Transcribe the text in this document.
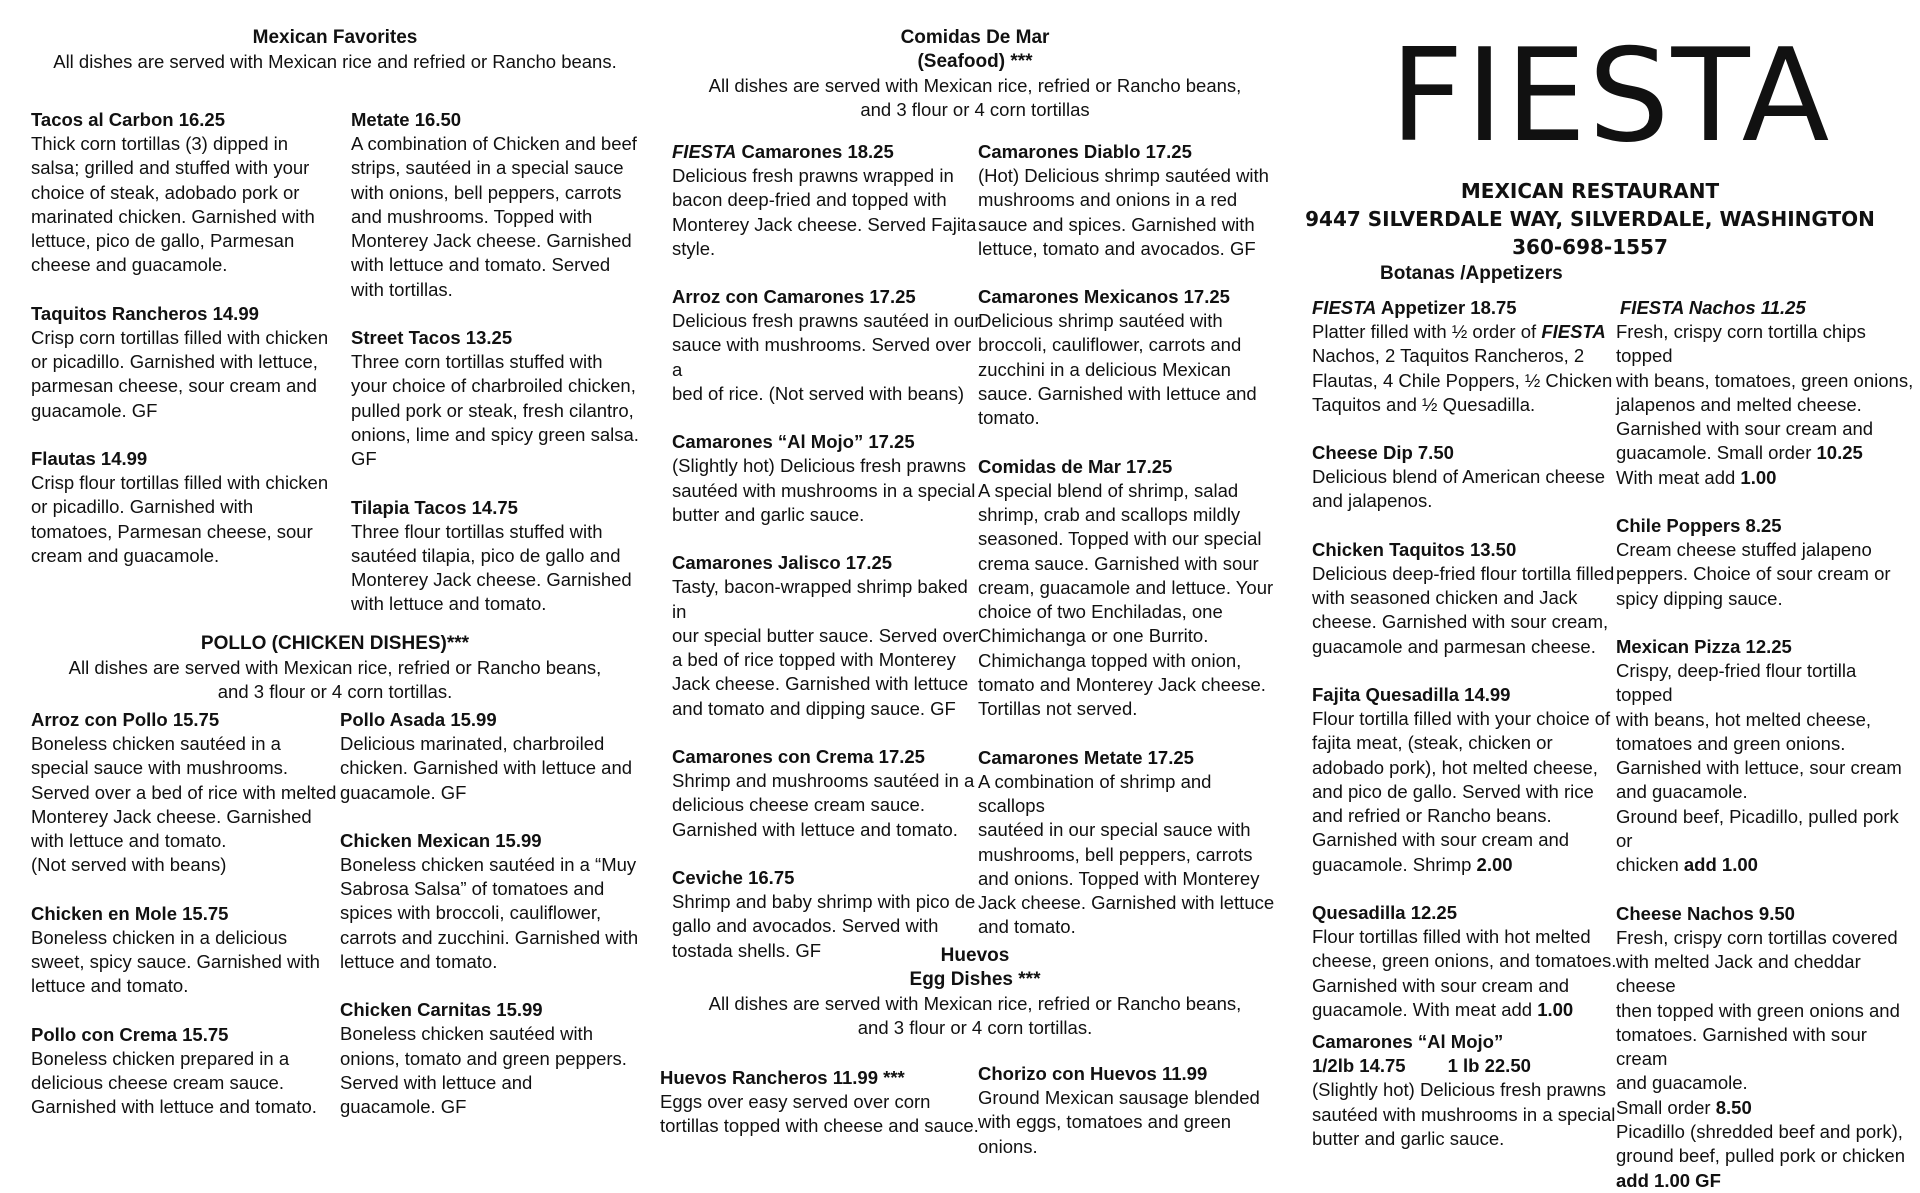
FIESTA
MEXICAN RESTAURANT
9447 SILVERDALE WAY, SILVERDALE, WASHINGTON
360-698-1557

Mexican Favorites

All dishes are served with Mexican rice and refried or Rancho beans.

Tacos al Carbon 16.25

Thick corn tortillas (3) dipped in
salsa; grilled and stuffed with your
choice of steak, adobado pork or
marinated chicken. Garnished with
lettuce, pico de gallo, Parmesan
cheese and guacamole.

Taquitos Rancheros 14.99

Crisp corn tortillas filled with chicken
or picadillo. Garnished with lettuce,
parmesan cheese, sour cream and
guacamole. GF

Flautas 14.99

Crisp flour tortillas filled with chicken
or picadillo. Garnished with
tomatoes, Parmesan cheese, sour
cream and guacamole.

Metate 16.50

A combination of Chicken and beef
strips, sautéed in a special sauce
with onions, bell peppers, carrots
and mushrooms. Topped with
Monterey Jack cheese. Garnished
with lettuce and tomato. Served
with tortillas.

Street Tacos 13.25

Three corn tortillas stuffed with
your choice of charbroiled chicken,
pulled pork or steak, fresh cilantro,
onions, lime and spicy green salsa.
GF

Tilapia Tacos 14.75

Three flour tortillas stuffed with
sautéed tilapia, pico de gallo and
Monterey Jack cheese. Garnished
with lettuce and tomato.

POLLO (CHICKEN DISHES)***

All dishes are served with Mexican rice, refried or Rancho beans,

and 3 flour or 4 corn tortillas.

Arroz con Pollo 15.75

Boneless chicken sautéed in a
special sauce with mushrooms.
Served over a bed of rice with melted
Monterey Jack cheese. Garnished
with lettuce and tomato.
(Not served with beans)

Chicken en Mole 15.75

Boneless chicken in a delicious
sweet, spicy sauce. Garnished with
lettuce and tomato.

Pollo con Crema 15.75

Boneless chicken prepared in a
delicious cheese cream sauce.
Garnished with lettuce and tomato.

Pollo Asada 15.99

Delicious marinated, charbroiled
chicken. Garnished with lettuce and
guacamole. GF

Chicken Mexican 15.99

Boneless chicken sautéed in a “Muy
Sabrosa Salsa” of tomatoes and
spices with broccoli, cauliflower,
carrots and zucchini. Garnished with
lettuce and tomato.

Chicken Carnitas 15.99

Boneless chicken sautéed with
onions, tomato and green peppers.
Served with lettuce and
guacamole. GF

Comidas De Mar

(Seafood) ***

All dishes are served with Mexican rice, refried or Rancho beans,

and 3 flour or 4 corn tortillas

FIESTA Camarones 18.25

Delicious fresh prawns wrapped in
bacon deep-fried and topped with
Monterey Jack cheese. Served Fajita
style.

Arroz con Camarones 17.25

Delicious fresh prawns sautéed in our
sauce with mushrooms. Served over a
bed of rice. (Not served with beans)

Camarones “Al Mojo” 17.25

(Slightly hot) Delicious fresh prawns
sautéed with mushrooms in a special
butter and garlic sauce.

Camarones Jalisco 17.25

Tasty, bacon-wrapped shrimp baked in
our special butter sauce. Served over
a bed of rice topped with Monterey
Jack cheese. Garnished with lettuce
and tomato and dipping sauce. GF

Camarones con Crema 17.25

Shrimp and mushrooms sautéed in a
delicious cheese cream sauce.
Garnished with lettuce and tomato.

Ceviche 16.75

Shrimp and baby shrimp with pico de
gallo and avocados. Served with
tostada shells. GF

Camarones Diablo 17.25

(Hot) Delicious shrimp sautéed with
mushrooms and onions in a red
sauce and spices. Garnished with
lettuce, tomato and avocados. GF

Camarones Mexicanos 17.25

Delicious shrimp sautéed with
broccoli, cauliflower, carrots and
zucchini in a delicious Mexican
sauce. Garnished with lettuce and
tomato.

Comidas de Mar 17.25

A special blend of shrimp, salad
shrimp, crab and scallops mildly
seasoned. Topped with our special
crema sauce. Garnished with sour
cream, guacamole and lettuce. Your
choice of two Enchiladas, one
Chimichanga or one Burrito.
Chimichanga topped with onion,
tomato and Monterey Jack cheese.
Tortillas not served.

Camarones Metate 17.25

A combination of shrimp and scallops
sautéed in our special sauce with
mushrooms, bell peppers, carrots
and onions. Topped with Monterey
Jack cheese. Garnished with lettuce
and tomato.

Huevos

Egg Dishes ***

All dishes are served with Mexican rice, refried or Rancho beans,

and 3 flour or 4 corn tortillas.

Huevos Rancheros 11.99 ***

Eggs over easy served over corn
tortillas topped with cheese and sauce.

Chorizo con Huevos 11.99

Ground Mexican sausage blended
with eggs, tomatoes and green onions.

Botanas /Appetizers

FIESTA Appetizer 18.75

Platter filled with ½ order of FIESTA
Nachos, 2 Taquitos Rancheros, 2
Flautas, 4 Chile Poppers, ½ Chicken
Taquitos and ½ Quesadilla.

Cheese Dip 7.50

Delicious blend of American cheese
and jalapenos.

Chicken Taquitos 13.50

Delicious deep-fried flour tortilla filled
with seasoned chicken and Jack
cheese. Garnished with sour cream,
guacamole and parmesan cheese.

Fajita Quesadilla 14.99

Flour tortilla filled with your choice of
fajita meat, (steak, chicken or
adobado pork), hot melted cheese,
and pico de gallo. Served with rice
and refried or Rancho beans.
Garnished with sour cream and
guacamole. Shrimp 2.00

Quesadilla 12.25

Flour tortillas filled with hot melted
cheese, green onions, and tomatoes.
Garnished with sour cream and
guacamole. With meat add 1.00

Camarones “Al Mojo”

1/2lb 14.75 1 lb 22.50

(Slightly hot) Delicious fresh prawns
sautéed with mushrooms in a special
butter and garlic sauce.

FIESTA Nachos 11.25

Fresh, crispy corn tortilla chips topped
with beans, tomatoes, green onions,
jalapenos and melted cheese.
Garnished with sour cream and
guacamole. Small order 10.25
With meat add 1.00

Chile Poppers 8.25

Cream cheese stuffed jalapeno
peppers. Choice of sour cream or
spicy dipping sauce.

Mexican Pizza 12.25

Crispy, deep-fried flour tortilla topped
with beans, hot melted cheese,
tomatoes and green onions.
Garnished with lettuce, sour cream
and guacamole.
Ground beef, Picadillo, pulled pork or
chicken add 1.00

Cheese Nachos 9.50

Fresh, crispy corn tortillas covered
with melted Jack and cheddar cheese
then topped with green onions and
tomatoes. Garnished with sour cream
and guacamole.
Small order 8.50
Picadillo (shredded beef and pork),
ground beef, pulled pork or chicken
add 1.00 GF
